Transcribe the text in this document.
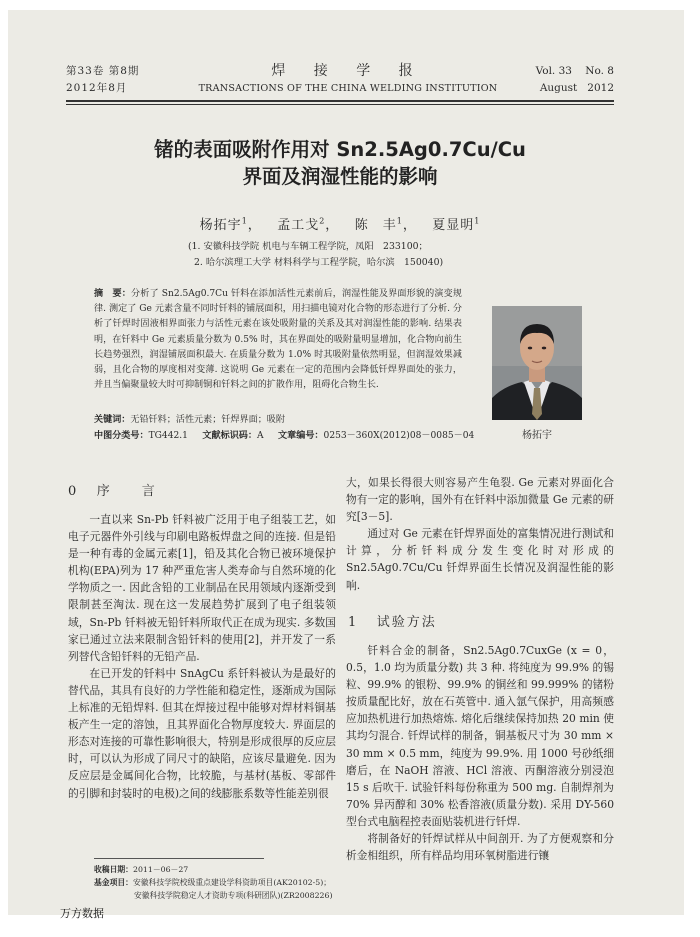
第33卷 第8期
2012年8月
焊 接 学 报
TRANSACTIONS OF THE CHINA WELDING INSTITUTION
Vol. 33    No. 8
August   2012
锗的表面吸附作用对 Sn2.5Ag0.7Cu/Cu
界面及润湿性能的影响
杨拓宇$^1$，   孟工戈$^2$，   陈　丰$^1$，   夏显明$^1$
(1. 安徽科技学院 机电与车辆工程学院，凤阳　233100；
2. 哈尔滨理工大学 材料科学与工程学院，哈尔滨　150040)
摘　要：分析了 Sn2.5Ag0.7Cu 钎料在添加活性元素前后，润湿性能及界面形貌的演变规律. 测定了 Ge 元素含量不同时钎料的铺展面积，用扫描电镜对化合物的形态进行了分析. 分析了钎焊时固液相界面张力与活性元素在该处吸附量的关系及其对润湿性能的影响. 结果表明，在钎料中 Ge 元素质量分数为 0.5% 时，其在界面处的吸附量明显增加，化合物向前生长趋势强烈，润湿铺展面积最大. 在质量分数为 1.0% 时其吸附量依然明显，但润湿效果减弱，且化合物的厚度相对变薄. 这说明 Ge 元素在一定的范围内会降低钎焊界面处的张力，并且当偏聚量较大时可抑制铜和钎料之间的扩散作用，阻碍化合物生长.
关键词：无铅钎料；活性元素；钎焊界面；吸附
中图分类号：TG442.1 文献标识码：A 文章编号：0253－360X(2012)08－0085－04	杨拓宇
0 序　　言

一直以来 Sn-Pb 钎料被广泛用于电子组装工艺，如电子元器件外引线与印刷电路板焊盘之间的连接. 但是铅是一种有毒的金属元素[1]，铅及其化合物已被环境保护机构(EPA)列为 17 种严重危害人类寿命与自然环境的化学物质之一. 因此含铅的工业制品在民用领域内逐渐受到限制甚至淘汰. 现在这一发展趋势扩展到了电子组装领域，Sn-Pb 钎料被无铅钎料所取代正在成为现实. 多数国家已通过立法来限制含铅钎料的使用[2]，并开发了一系列替代含铅钎料的无铅产品.

在已开发的钎料中 SnAgCu 系钎料被认为是最好的替代品，其具有良好的力学性能和稳定性，逐渐成为国际上标准的无铅焊料. 但其在焊接过程中能够对焊材料铜基板产生一定的溶蚀，且其界面化合物厚度较大. 界面层的形态对连接的可靠性影响很大，特别是形成很厚的反应层时，可以认为形成了同尺寸的缺陷，应该尽量避免. 因为反应层是金属间化合物，比较脆，与基材(基板、零部件的引脚和封装时的电极)之间的线膨胀系数等性能差别很

大，如果长得很大则容易产生龟裂. Ge 元素对界面化合物有一定的影响，国外有在钎料中添加微量 Ge 元素的研究[3－5].

通过对 Ge 元素在钎焊界面处的富集情况进行测试和计算，分析钎料成分发生变化时对形成的 Sn2.5Ag0.7Cu/Cu 钎焊界面生长情况及润湿性能的影响.

1 试验方法

钎料合金的制备，Sn2.5Ag0.7CuxGe (x = 0，0.5，1.0 均为质量分数) 共 3 种. 将纯度为 99.9% 的锡粒、99.9% 的银粉、99.9% 的铜丝和 99.999% 的锗粉按质量配比好，放在石英管中. 通入氩气保护，用高频感应加热机进行加热熔炼. 熔化后继续保持加热 20 min 使其均匀混合. 钎焊试样的制备，铜基板尺寸为 30 mm × 30 mm × 0.5 mm，纯度为 99.9%. 用 1000 号砂纸细磨后，在 NaOH 溶液、HCl 溶液、丙酮溶液分别浸泡 15 s 后吹干. 试验钎料每份称重为 500 mg. 自制焊剂为 70% 异丙醇和 30% 松香溶液(质量分数). 采用 DY-560 型台式电脑程控表面贴装机进行钎焊.

将制备好的钎焊试样从中间剖开. 为了方便观察和分析金相组织，所有样品均用环氧树脂进行镶

收稿日期：2011－06－27
基金项目：安徽科技学院校级重点建设学科资助项目(AK20102-5)；
安徽科技学院稳定人才资助专项(科研团队)(ZR2008226)
万方数据
